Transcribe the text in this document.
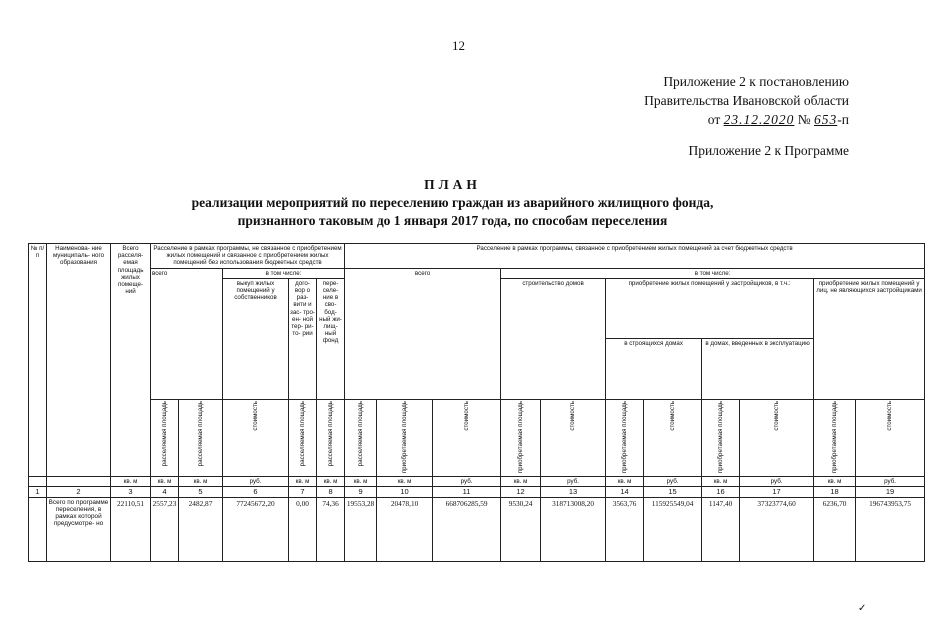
12
Приложение 2 к постановлению
Правительства Ивановской области
от 23.12.2020 № 653-п
Приложение 2 к Программе
ПЛАН
реализации мероприятий по переселению граждан из аварийного жилищного фонда,
признанного таковым до 1 января 2017 года, по способам переселения
№ п/п	Наименова- ние муниципаль- ного образования	Всего расселя- емая площадь жилых помеще- ний	Расселение в рамках программы, не связанное с приобретением жилых помещений и связанное с приобретением жилых помещений без использования бюджетных средств					Расселение в рамках программы, связанное с приобретением жилых помещений за счет бюджетных средств										
			всего		в том числе:			всего			в том числе:							
					выкуп жилых помещений у собственников	дого- вор о раз- вити и зас- тро- ен- ной тер- ри- то- рии	пере- селе- ние в сво- бод- ный жи- лищ- ный фонд				строительство домов		приобретение жилых помещений у застройщиков, в т.ч.:				приобретение жилых помещений у лиц, не являющихся застройщиками	
													в строящихся домах		в домах, введенных в эксплуатацию			
			расселяемая площадь	расселяемая площадь	стоимость	расселяемая площадь	расселяемая площадь	расселяемая площадь	приобретаемая площадь	стоимость	приобретаемая площадь	стоимость	приобретаемая площадь	стоимость	приобретаемая площадь	стоимость	приобретаемая площадь	стоимость
		кв. м	кв. м	кв. м	руб.	кв. м	кв. м	кв. м	кв. м	руб.	кв. м	руб.	кв. м	руб.	кв. м	руб.	кв. м	руб.
1	2	3	4	5	6	7	8	9	10	11	12	13	14	15	16	17	18	19
	Всего по программе переселения, в рамках которой предусмотре- но	22110,51	2557,23	2482,87	77245672,20	0,00	74,36	19553,28	20478,10	668706285,59	9530,24	318713008,20	3563,76	115925549,04	1147,40	37323774,60	6236,70	196743953,75
✓
